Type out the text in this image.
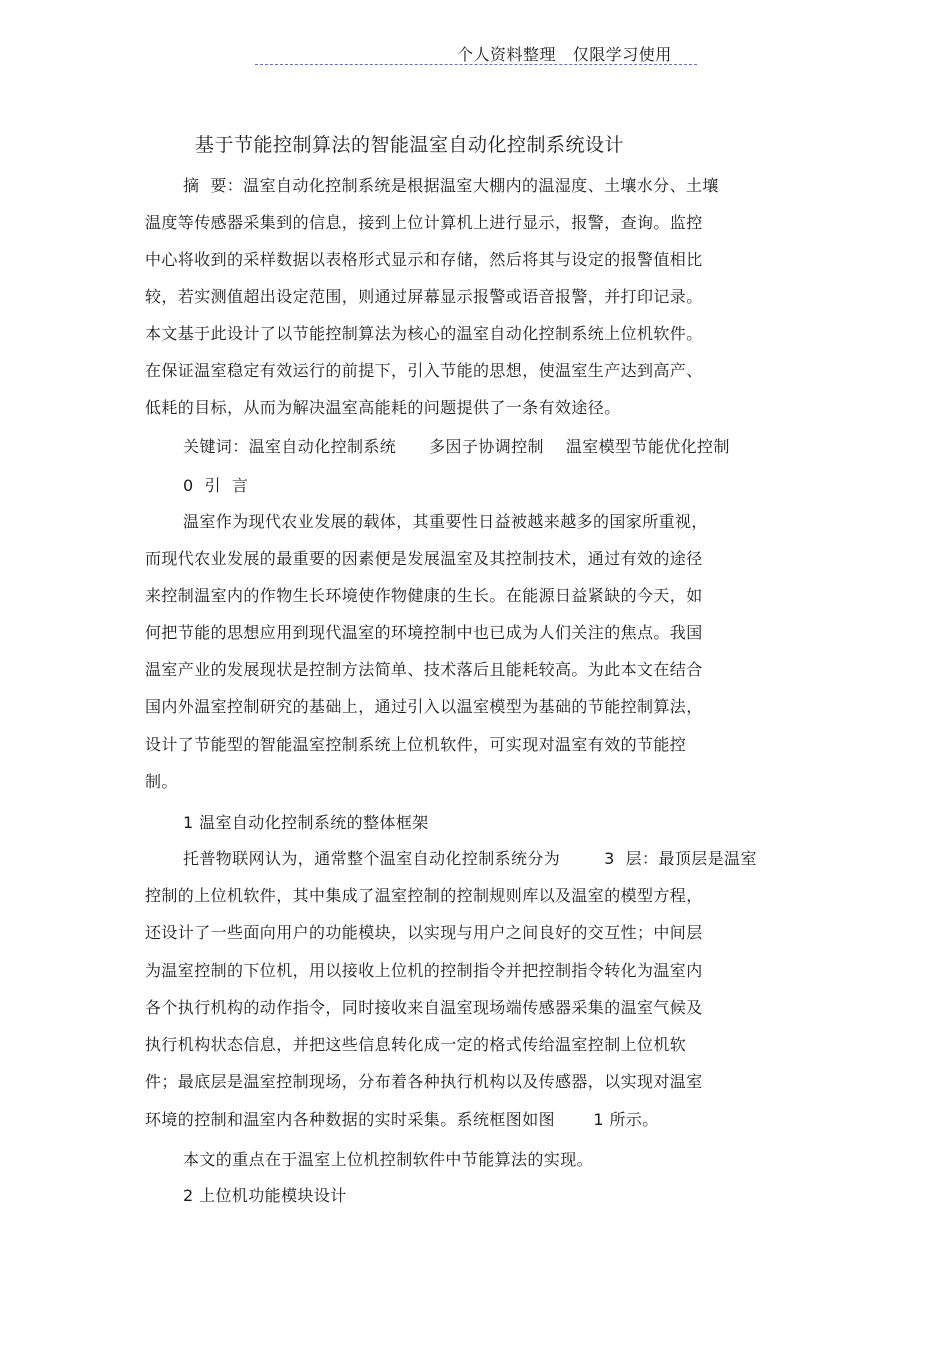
个人资料整理   仅限学习使用
基于节能控制算法的智能温室自动化控制系统设计
摘  要：温室自动化控制系统是根据温室大棚内的温湿度、土壤水分、土壤
温度等传感器采集到的信息，接到上位计算机上进行显示，报警，查询。监控
中心将收到的采样数据以表格形式显示和存储，然后将其与设定的报警值相比
较，若实测值超出设定范围，则通过屏幕显示报警或语音报警，并打印记录。
本文基于此设计了以节能控制算法为核心的温室自动化控制系统上位机软件。
在保证温室稳定有效运行的前提下，引入节能的思想，使温室生产达到高产、
低耗的目标，从而为解决温室高能耗的问题提供了一条有效途径。
关键词：温室自动化控制系统      多因子协调控制    温室模型节能优化控制
0  引  言
温室作为现代农业发展的载体，其重要性日益被越来越多的国家所重视，
而现代农业发展的最重要的因素便是发展温室及其控制技术，通过有效的途径
来控制温室内的作物生长环境使作物健康的生长。在能源日益紧缺的今天，如
何把节能的思想应用到现代温室的环境控制中也已成为人们关注的焦点。我国
温室产业的发展现状是控制方法简单、技术落后且能耗较高。为此本文在结合
国内外温室控制研究的基础上，通过引入以温室模型为基础的节能控制算法，
设计了节能型的智能温室控制系统上位机软件，可实现对温室有效的节能控
制。
1 温室自动化控制系统的整体框架
托普物联网认为，通常整个温室自动化控制系统分为        3  层：最顶层是温室
控制的上位机软件，其中集成了温室控制的控制规则库以及温室的模型方程，
还设计了一些面向用户的功能模块，以实现与用户之间良好的交互性；中间层
为温室控制的下位机，用以接收上位机的控制指令并把控制指令转化为温室内
各个执行机构的动作指令，同时接收来自温室现场端传感器采集的温室气候及
执行机构状态信息，并把这些信息转化成一定的格式传给温室控制上位机软
件；最底层是温室控制现场，分布着各种执行机构以及传感器，以实现对温室
环境的控制和温室内各种数据的实时采集。系统框图如图       1 所示。
本文的重点在于温室上位机控制软件中节能算法的实现。
2 上位机功能模块设计
